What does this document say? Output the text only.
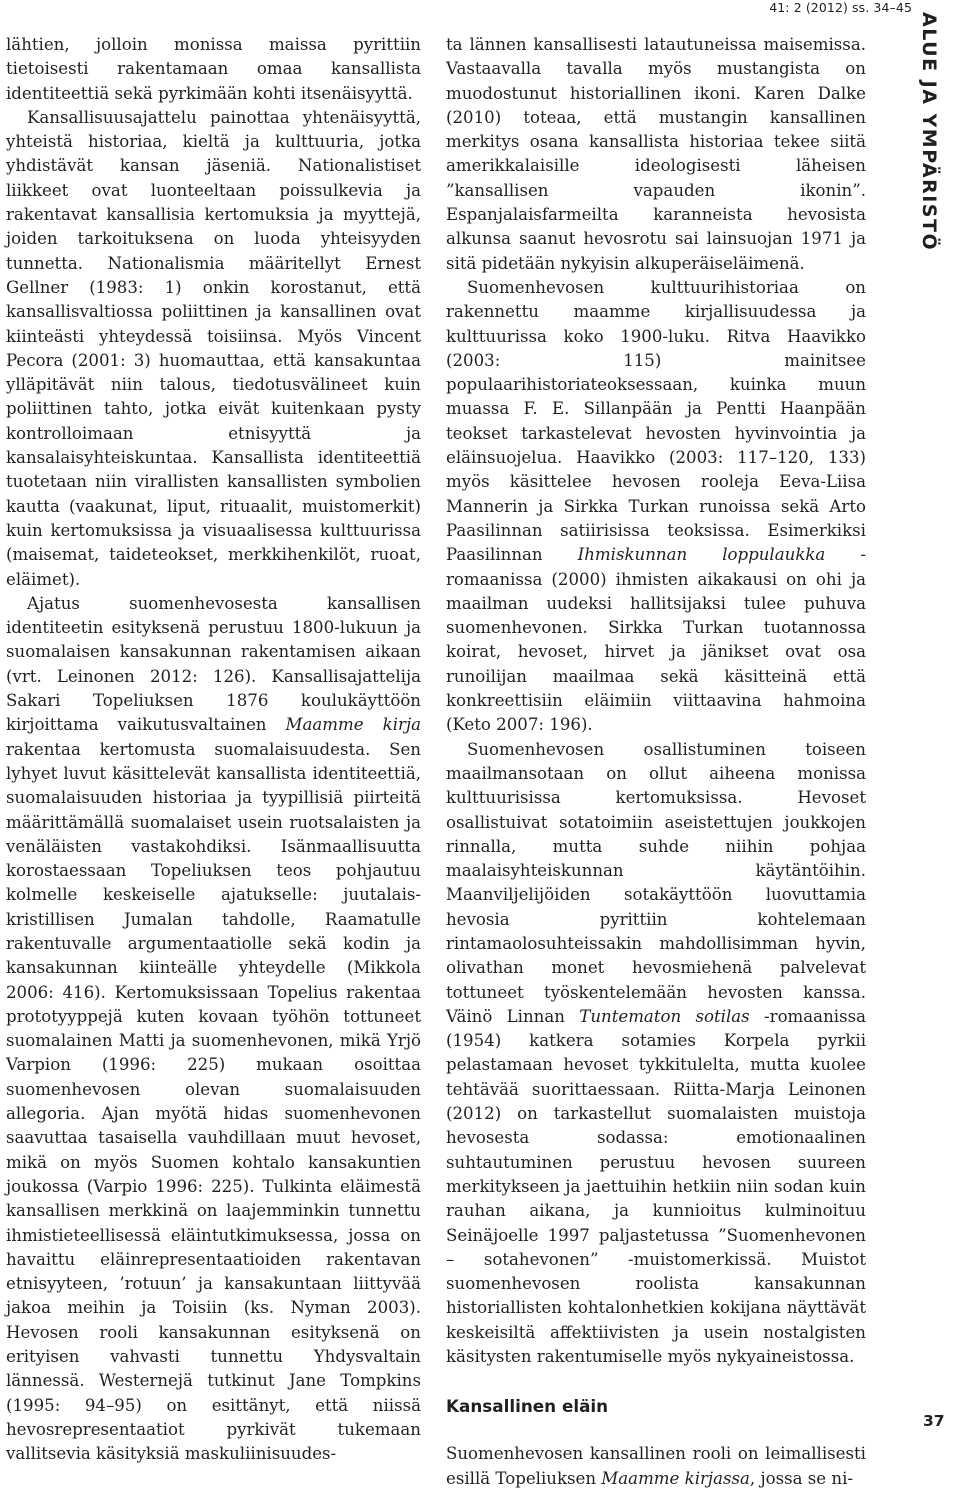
41: 2 (2012) ss. 34–45
ALUE JA YMPÄRISTÖ

lähtien, jolloin monissa maissa pyrittiin tietoisesti rakentamaan omaa kansallista identiteettiä sekä pyrkimään kohti itsenäisyyttä.

Kansallisuusajattelu painottaa yhtenäisyyttä, yhteistä historiaa, kieltä ja kulttuuria, jotka yhdistävät kansan jäseniä. Nationalistiset liikkeet ovat luonteeltaan poissulkevia ja rakentavat kansallisia kertomuksia ja myyttejä, joiden tarkoituksena on luoda yhteisyyden tunnetta. Nationalismia määritellyt Ernest Gellner (1983: 1) onkin korostanut, että kansallisvaltiossa poliittinen ja kansallinen ovat kiinteästi yhteydessä toisiinsa. Myös Vincent Pecora (2001: 3) huomauttaa, että kansakuntaa ylläpitävät niin talous, tiedotusvälineet kuin poliittinen tahto, jotka eivät kuitenkaan pysty kontrolloimaan etnisyyttä ja kansalaisyhteiskuntaa. Kansallista identiteettiä tuotetaan niin virallisten kansallisten symbolien kautta (vaakunat, liput, rituaalit, muistomerkit) kuin kertomuksissa ja visuaalisessa kulttuurissa (maisemat, taideteokset, merkkihenkilöt, ruoat, eläimet).

Ajatus suomenhevosesta kansallisen identiteetin esityksenä perustuu 1800-lukuun ja suomalaisen kansakunnan rakentamisen aikaan (vrt. Leinonen 2012: 126). Kansallisajattelija Sakari Topeliuksen 1876 koulukäyttöön kirjoittama vaikutusvaltainen Maamme kirja rakentaa kertomusta suomalaisuudesta. Sen lyhyet luvut käsittelevät kansallista identiteettiä, suomalaisuuden historiaa ja tyypillisiä piirteitä määrittämällä suomalaiset usein ruotsalaisten ja venäläisten vastakohdiksi. Isänmaallisuutta korostaessaan Topeliuksen teos pohjautuu kolmelle keskeiselle ajatukselle: juutalais-kristillisen Jumalan tahdolle, Raamatulle rakentuvalle argumentaatiolle sekä kodin ja kansakunnan kiinteälle yhteydelle (Mikkola 2006: 416). Kertomuksissaan Topelius rakentaa prototyyppejä kuten kovaan työhön tottuneet suomalainen Matti ja suomenhevonen, mikä Yrjö Varpion (1996: 225) mukaan osoittaa suomenhevosen olevan suomalaisuuden allegoria. Ajan myötä hidas suomenhevonen saavuttaa tasaisella vauhdillaan muut hevoset, mikä on myös Suomen kohtalo kansakuntien joukossa (Varpio 1996: 225). Tulkinta eläimestä kansallisen merkkinä on laajemminkin tunnettu ihmistieteellisessä eläintutkimuksessa, jossa on havaittu eläinrepresentaatioiden rakentavan etnisyyteen, ’rotuun’ ja kansakuntaan liittyvää jakoa meihin ja Toisiin (ks. Nyman 2003). Hevosen rooli kansakunnan esityksenä on erityisen vahvasti tunnettu Yhdysvaltain lännessä. Westernejä tutkinut Jane Tompkins (1995: 94–95) on esittänyt, että niissä hevosrepresentaatiot pyrkivät tukemaan vallitsevia käsityksiä maskuliinisuudes-

ta lännen kansallisesti latautuneissa maisemissa. Vastaavalla tavalla myös mustangista on muodostunut historiallinen ikoni. Karen Dalke (2010) toteaa, että mustangin kansallinen merkitys osana kansallista historiaa tekee siitä amerikkalaisille ideologisesti läheisen ”kansallisen vapauden ikonin”. Espanjalaisfarmeilta karanneista hevosista alkunsa saanut hevosrotu sai lainsuojan 1971 ja sitä pidetään nykyisin alkuperäiseläimenä.

Suomenhevosen kulttuurihistoriaa on rakennettu maamme kirjallisuudessa ja kulttuurissa koko 1900-luku. Ritva Haavikko (2003: 115) mainitsee populaarihistoriateoksessaan, kuinka muun muassa F. E. Sillanpään ja Pentti Haanpään teokset tarkastelevat hevosten hyvinvointia ja eläinsuojelua. Haavikko (2003: 117–120, 133) myös käsittelee hevosen rooleja Eeva-Liisa Mannerin ja Sirkka Turkan runoissa sekä Arto Paasilinnan satiirisissa teoksissa. Esimerkiksi Paasilinnan Ihmiskunnan loppulaukka -romaanissa (2000) ihmisten aikakausi on ohi ja maailman uudeksi hallitsijaksi tulee puhuva suomenhevonen. Sirkka Turkan tuotannossa koirat, hevoset, hirvet ja jänikset ovat osa runoilijan maailmaa sekä käsitteinä että konkreettisiin eläimiin viittaavina hahmoina (Keto 2007: 196).

Suomenhevosen osallistuminen toiseen maailmansotaan on ollut aiheena monissa kulttuurisissa kertomuksissa. Hevoset osallistuivat sotatoimiin aseistettujen joukkojen rinnalla, mutta suhde niihin pohjaa maalaisyhteiskunnan käytäntöihin. Maanviljelijöiden sotakäyttöön luovuttamia hevosia pyrittiin kohtelemaan rintamaolosuhteissakin mahdollisimman hyvin, olivathan monet hevosmiehenä palvelevat tottuneet työskentelemään hevosten kanssa. Väinö Linnan Tuntematon sotilas -romaanissa (1954) katkera sotamies Korpela pyrkii pelastamaan hevoset tykkitulelta, mutta kuolee tehtävää suorittaessaan. Riitta-Marja Leinonen (2012) on tarkastellut suomalaisten muistoja hevosesta sodassa: emotionaalinen suhtautuminen perustuu hevosen suureen merkitykseen ja jaettuihin hetkiin niin sodan kuin rauhan aikana, ja kunnioitus kulminoituu Seinäjoelle 1997 paljastetussa ”Suomenhevonen – sotahevonen” -muistomerkissä. Muistot suomenhevosen roolista kansakunnan historiallisten kohtalonhetkien kokijana näyttävät keskeisiltä affektiivisten ja usein nostalgisten käsitysten rakentumiselle myös nykyaineistossa.

Kansallinen eläin

Suomenhevosen kansallinen rooli on leimallisesti esillä Topeliuksen Maamme kirjassa, jossa se ni-

37
